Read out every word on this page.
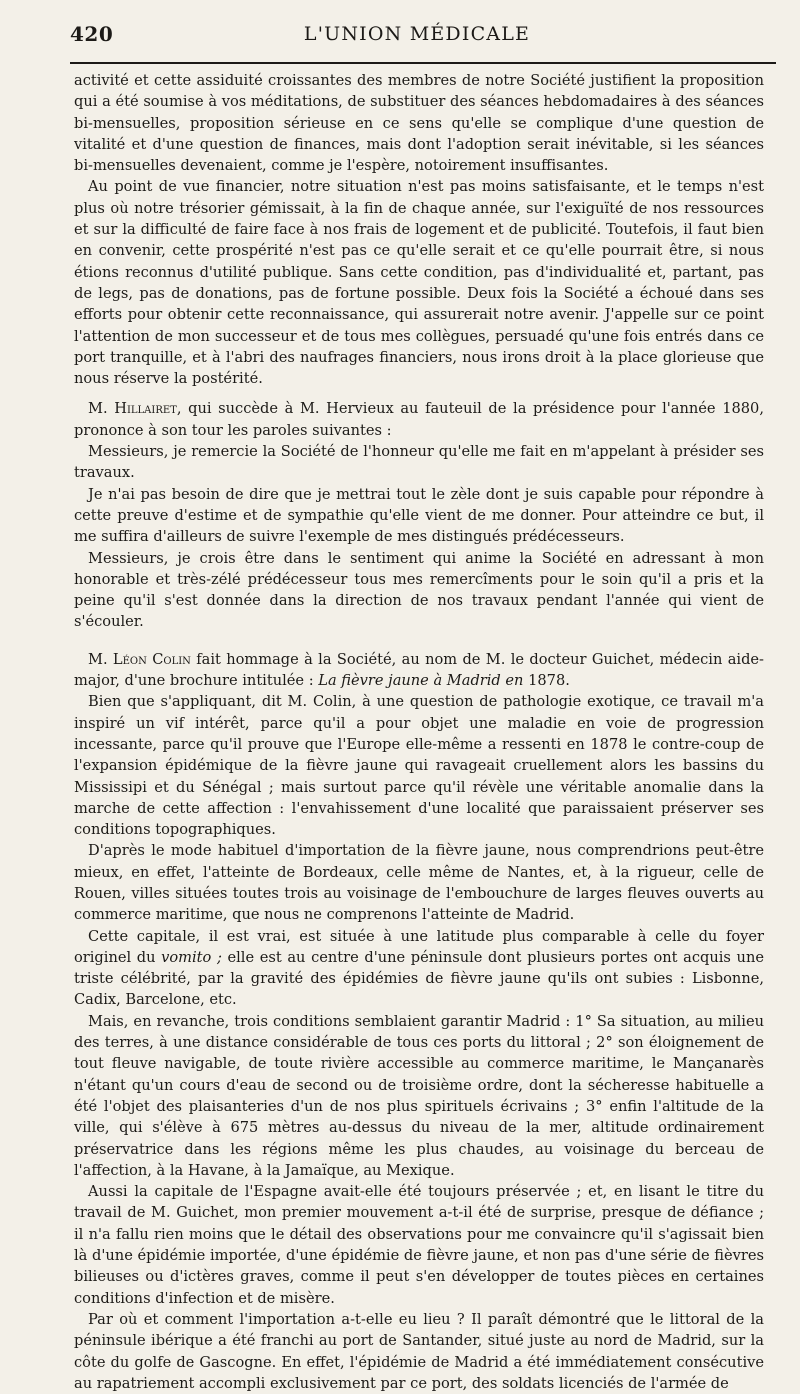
420	L'UNION MÉDICALE

activité et cette assiduité croissantes des membres de notre Société justifient la proposition qui a été soumise à vos méditations, de substituer des séances hebdomadaires à des séances bi-mensuelles, proposition sérieuse en ce sens qu'elle se complique d'une question de vitalité et d'une question de finances, mais dont l'adoption serait inévitable, si les séances bi-mensuelles devenaient, comme je l'espère, notoirement insuffisantes.

Au point de vue financier, notre situation n'est pas moins satisfaisante, et le temps n'est plus où notre trésorier gémissait, à la fin de chaque année, sur l'exiguïté de nos ressources et sur la difficulté de faire face à nos frais de logement et de publicité. Toutefois, il faut bien en convenir, cette prospérité n'est pas ce qu'elle serait et ce qu'elle pourrait être, si nous étions reconnus d'utilité publique. Sans cette condition, pas d'individualité et, partant, pas de legs, pas de donations, pas de fortune possible. Deux fois la Société a échoué dans ses efforts pour obtenir cette reconnaissance, qui assurerait notre avenir. J'appelle sur ce point l'attention de mon successeur et de tous mes collègues, persuadé qu'une fois entrés dans ce port tranquille, et à l'abri des naufrages financiers, nous irons droit à la place glorieuse que nous réserve la postérité.

M. Hillairet, qui succède à M. Hervieux au fauteuil de la présidence pour l'année 1880, prononce à son tour les paroles suivantes :

Messieurs, je remercie la Société de l'honneur qu'elle me fait en m'appelant à présider ses travaux.

Je n'ai pas besoin de dire que je mettrai tout le zèle dont je suis capable pour répondre à cette preuve d'estime et de sympathie qu'elle vient de me donner. Pour atteindre ce but, il me suffira d'ailleurs de suivre l'exemple de mes distingués prédécesseurs.

Messieurs, je crois être dans le sentiment qui anime la Société en adressant à mon honorable et très-zélé prédécesseur tous mes remercîments pour le soin qu'il a pris et la peine qu'il s'est donnée dans la direction de nos travaux pendant l'année qui vient de s'écouler.

M. Léon Colin fait hommage à la Société, au nom de M. le docteur Guichet, médecin aide-major, d'une brochure intitulée : La fièvre jaune à Madrid en 1878.

Bien que s'appliquant, dit M. Colin, à une question de pathologie exotique, ce travail m'a inspiré un vif intérêt, parce qu'il a pour objet une maladie en voie de progression incessante, parce qu'il prouve que l'Europe elle-même a ressenti en 1878 le contre-coup de l'expansion épidémique de la fièvre jaune qui ravageait cruellement alors les bassins du Mississipi et du Sénégal ; mais surtout parce qu'il révèle une véritable anomalie dans la marche de cette affection : l'envahissement d'une localité que paraissaient préserver ses conditions topographiques.

D'après le mode habituel d'importation de la fièvre jaune, nous comprendrions peut-être mieux, en effet, l'atteinte de Bordeaux, celle même de Nantes, et, à la rigueur, celle de Rouen, villes situées toutes trois au voisinage de l'embouchure de larges fleuves ouverts au commerce maritime, que nous ne comprenons l'atteinte de Madrid.

Cette capitale, il est vrai, est située à une latitude plus comparable à celle du foyer originel du vomito ; elle est au centre d'une péninsule dont plusieurs portes ont acquis une triste célébrité, par la gravité des épidémies de fièvre jaune qu'ils ont subies : Lisbonne, Cadix, Barcelone, etc.

Mais, en revanche, trois conditions semblaient garantir Madrid : 1° Sa situation, au milieu des terres, à une distance considérable de tous ces ports du littoral ; 2° son éloignement de tout fleuve navigable, de toute rivière accessible au commerce maritime, le Mançanarès n'étant qu'un cours d'eau de second ou de troisième ordre, dont la sécheresse habituelle a été l'objet des plaisanteries d'un de nos plus spirituels écrivains ; 3° enfin l'altitude de la ville, qui s'élève à 675 mètres au-dessus du niveau de la mer, altitude ordinairement préservatrice dans les régions même les plus chaudes, au voisinage du berceau de l'affection, à la Havane, à la Jamaïque, au Mexique.

Aussi la capitale de l'Espagne avait-elle été toujours préservée ; et, en lisant le titre du travail de M. Guichet, mon premier mouvement a-t-il été de surprise, presque de défiance ; il n'a fallu rien moins que le détail des observations pour me convaincre qu'il s'agissait bien là d'une épidémie importée, d'une épidémie de fièvre jaune, et non pas d'une série de fièvres bilieuses ou d'ictères graves, comme il peut s'en développer de toutes pièces en certaines conditions d'infection et de misère.

Par où et comment l'importation a-t-elle eu lieu ? Il paraît démontré que le littoral de la péninsule ibérique a été franchi au port de Santander, situé juste au nord de Madrid, sur la côte du golfe de Gascogne. En effet, l'épidémie de Madrid a été immédiatement consécutive au rapatriement accompli exclusivement par ce port, des soldats licenciés de l'armée de
